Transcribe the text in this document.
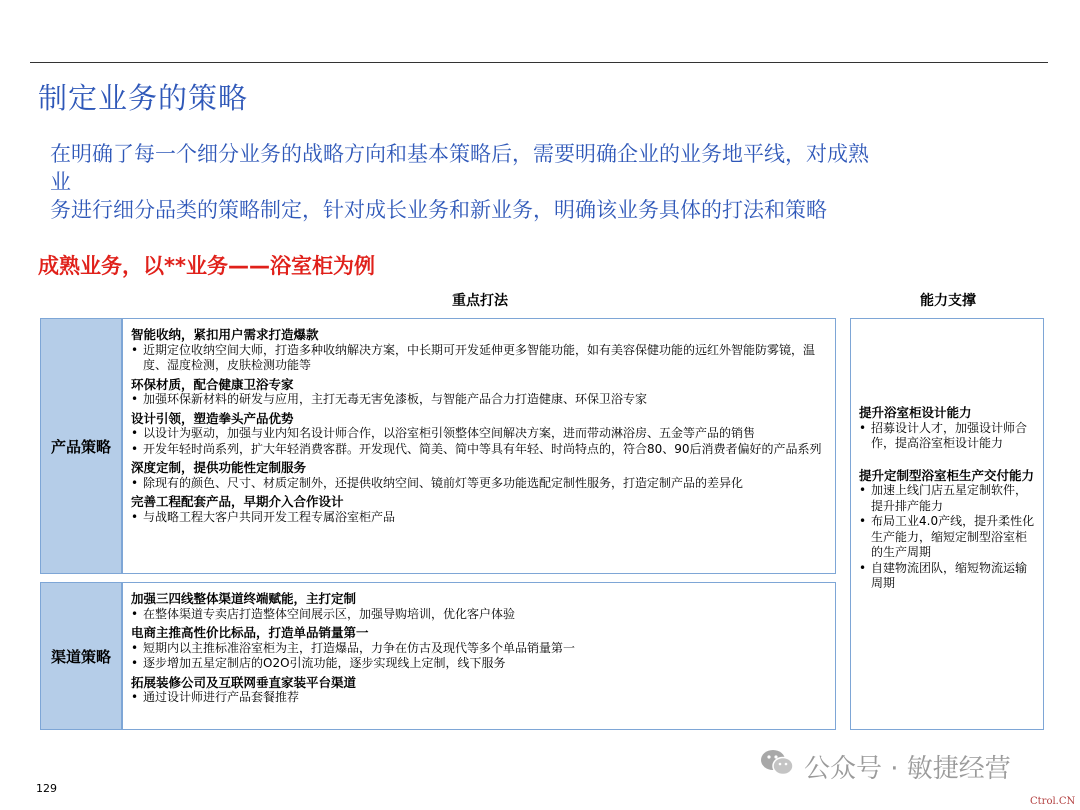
制定业务的策略
在明确了每一个细分业务的战略方向和基本策略后，需要明确企业的业务地平线，对成熟
业
务进行细分品类的策略制定，针对成长业务和新业务，明确该业务具体的打法和策略
成熟业务，以**业务——浴室柜为例
重点打法	能力支撑
产品策略
智能收纳，紧扣用户需求打造爆款
• 近期定位收纳空间大师，打造多种收纳解决方案，中长期可开发延伸更多智能功能，如有美容保健功能的远红外智能防雾镜，温度、湿度检测，皮肤检测功能等
环保材质，配合健康卫浴专家
• 加强环保新材料的研发与应用，主打无毒无害免漆板，与智能产品合力打造健康、环保卫浴专家
设计引领，塑造拳头产品优势
• 以设计为驱动，加强与业内知名设计师合作，以浴室柜引领整体空间解决方案，进而带动淋浴房、五金等产品的销售
• 开发年轻时尚系列，扩大年轻消费客群。开发现代、简美、简中等具有年轻、时尚特点的，符合80、90后消费者偏好的产品系列
深度定制，提供功能性定制服务
• 除现有的颜色、尺寸、材质定制外，还提供收纳空间、镜前灯等更多功能选配定制性服务，打造定制产品的差异化
完善工程配套产品，早期介入合作设计
• 与战略工程大客户共同开发工程专属浴室柜产品
渠道策略
加强三四线整体渠道终端赋能，主打定制
• 在整体渠道专卖店打造整体空间展示区，加强导购培训，优化客户体验
电商主推高性价比标品，打造单品销量第一
• 短期内以主推标准浴室柜为主，打造爆品，力争在仿古及现代等多个单品销量第一
• 逐步增加五星定制店的O2O引流功能，逐步实现线上定制，线下服务
拓展装修公司及互联网垂直家装平台渠道
• 通过设计师进行产品套餐推荐
提升浴室柜设计能力
• 招募设计人才，加强设计师合作，提高浴室柜设计能力
提升定制型浴室柜生产交付能力
• 加速上线门店五星定制软件，提升排产能力
• 布局工业4.0产线，提升柔性化生产能力，缩短定制型浴室柜的生产周期
• 自建物流团队，缩短物流运输周期
129
公众号 · 敏捷经营
Ctrol.CN
